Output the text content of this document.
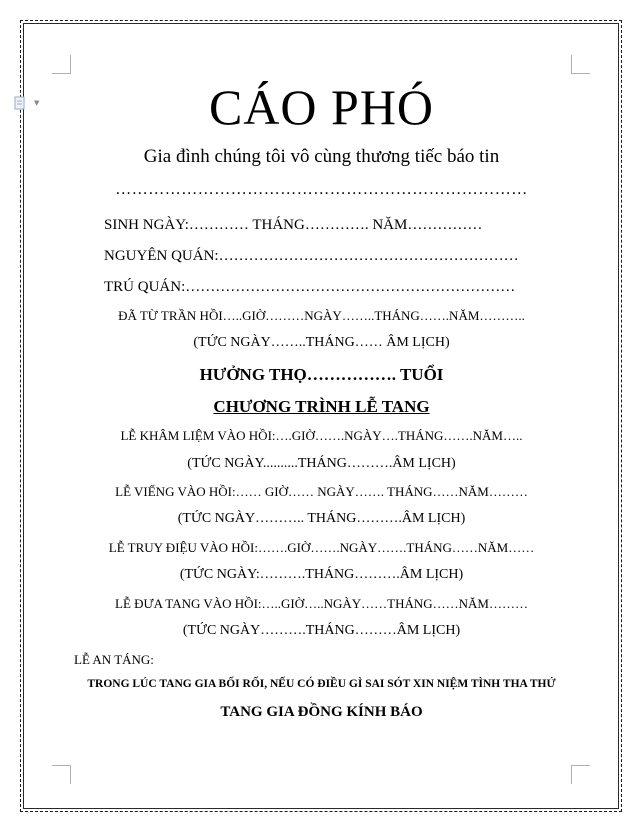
▼	CÁO PHÓ
Gia đình chúng tôi vô cùng thương tiếc báo tin
…………………………………………………………………
SINH NGÀY:………… THÁNG…………. NĂM……………
NGUYÊN QUÁN:……………………………………………………
TRÚ QUÁN:…………………………………………………………
ĐÃ TỪ TRẦN HỒI…..GIỜ………NGÀY……..THÁNG…….NĂM………..
(TỨC NGÀY……..THÁNG…… ÂM LỊCH)
HƯỞNG THỌ……………. TUỔI
CHƯƠNG TRÌNH LỄ TANG
LỄ KHÂM LIỆM VÀO HỒI:….GIỜ…….NGÀY….THÁNG…….NĂM…..
(TỨC NGÀY..........THÁNG……….ÂM LỊCH)
LỄ VIẾNG VÀO HỒI:…… GIỜ…… NGÀY……. THÁNG……NĂM………
(TỨC NGÀY……….. THÁNG……….ÂM LỊCH)
LỄ TRUY ĐIỆU VÀO HỒI:…….GIỜ…….NGÀY…….THÁNG……NĂM……
(TỨC NGÀY:……….THÁNG……….ÂM LỊCH)
LỄ ĐƯA TANG VÀO HỒI:…..GIỜ…..NGÀY……THÁNG……NĂM………
(TỨC NGÀY……….THÁNG………ÂM LỊCH)
LỄ AN TÁNG:
TRONG LÚC TANG GIA BỐI RỐI, NẾU CÓ ĐIỀU GÌ SAI SÓT XIN NIỆM TÌNH THA THỨ
TANG GIA ĐỒNG KÍNH BÁO
